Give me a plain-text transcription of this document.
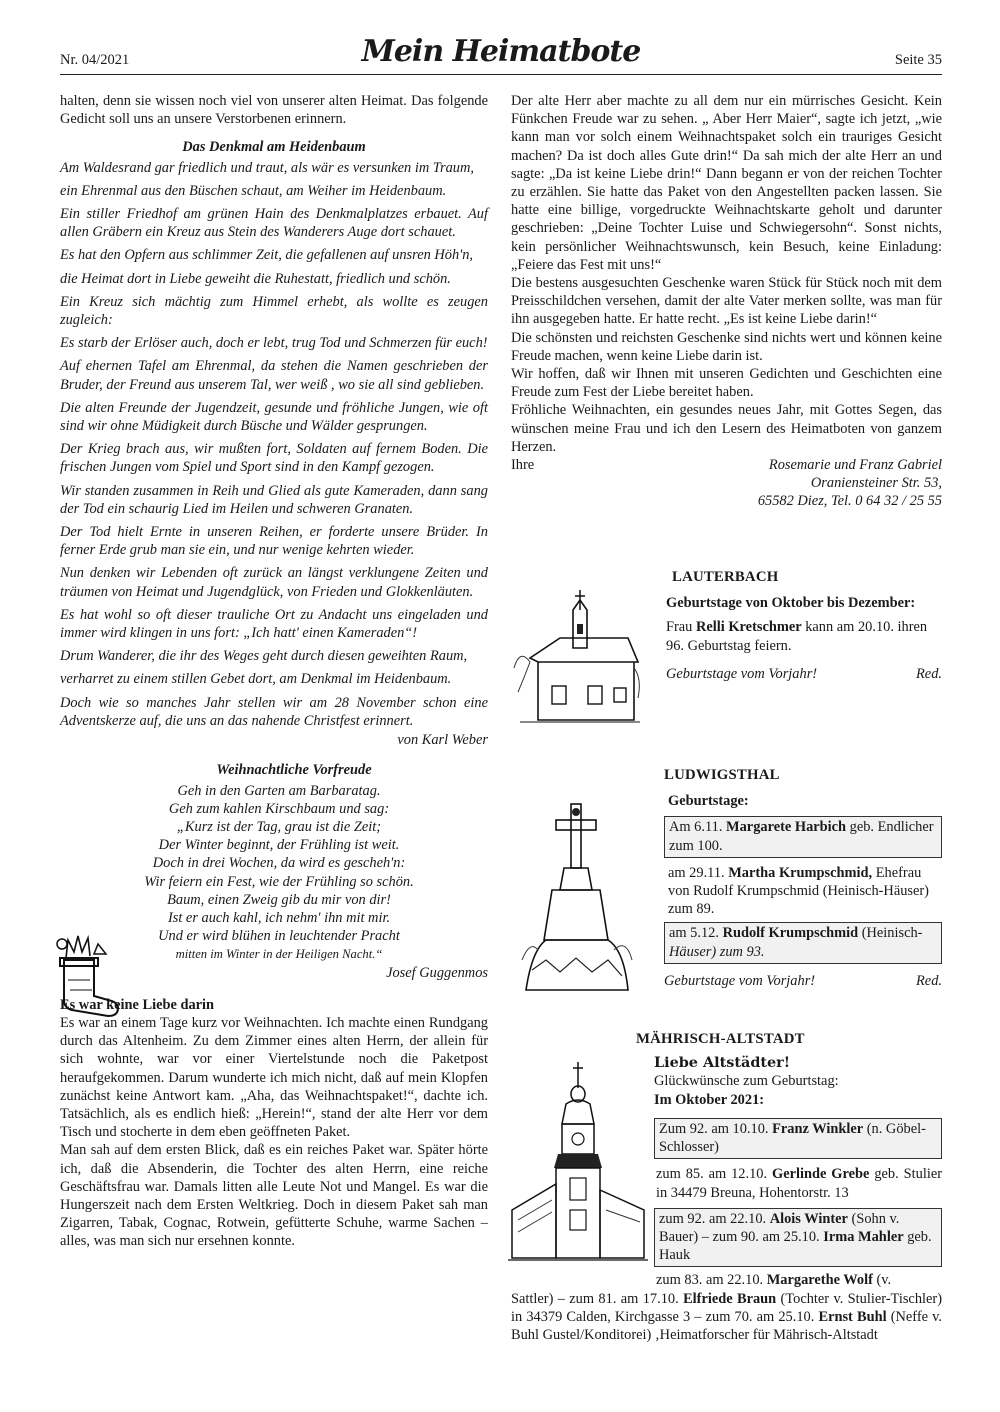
Nr. 04/2021	Mein Heimatbote	Seite 35

halten, denn sie wissen noch viel von unserer alten Heimat. Das folgende Gedicht soll uns an unsere Verstorbenen erinnern.

Das Denkmal am Heidenbaum

Am Waldesrand gar friedlich und traut, als wär es versunken im Traum,

ein Ehrenmal aus den Büschen schaut, am Weiher im Heidenbaum.

Ein stiller Friedhof am grünen Hain des Denkmalplatzes erbauet. Auf allen Gräbern ein Kreuz aus Stein des Wanderers Auge dort schauet.

Es hat den Opfern aus schlimmer Zeit, die gefallenen auf unsren Höh'n,

die Heimat dort in Liebe geweiht die Ruhestatt, friedlich und schön.

Ein Kreuz sich mächtig zum Himmel erhebt, als wollte es zeugen zugleich:

Es starb der Erlöser auch, doch er lebt, trug Tod und Schmerzen für euch!

Auf ehernen Tafel am Ehrenmal, da stehen die Namen geschrieben der Bruder, der Freund aus unserem Tal, wer weiß , wo sie all sind geblieben.

Die alten Freunde der Jugendzeit, gesunde und fröhliche Jungen, wie oft sind wir ohne Müdigkeit durch Büsche und Wälder gesprungen.

Der Krieg brach aus, wir mußten fort, Soldaten auf fernem Boden. Die frischen Jungen vom Spiel und Sport sind in den Kampf gezogen.

Wir standen zusammen in Reih und Glied als gute Kameraden, dann sang der Tod ein schaurig Lied im Heilen und schweren Granaten.

Der Tod hielt Ernte in unseren Reihen, er forderte unsere Brüder. In ferner Erde grub man sie ein, und nur wenige kehrten wieder.

Nun denken wir Lebenden oft zurück an längst verklungene Zeiten und träumen von Heimat und Jugendglück, von Frieden und Glokkenläuten.

Es hat wohl so oft dieser trauliche Ort zu Andacht uns eingeladen und immer wird klingen in uns fort: „Ich hatt' einen Kameraden“!

Drum Wanderer, die ihr des Weges geht durch diesen geweihten Raum,

verharret zu einem stillen Gebet dort, am Denkmal im Heidenbaum.

Doch wie so manches Jahr stellen wir am 28 November schon eine Adventskerze auf, die uns an das nahende Christfest erinnert.

von Karl Weber
Weihnachtliche Vorfreude
Geh in den Garten am Barbaratag.
Geh zum kahlen Kirschbaum und sag:
„Kurz ist der Tag, grau ist die Zeit;
Der Winter beginnt, der Frühling ist weit.
Doch in drei Wochen, da wird es gescheh'n:
Wir feiern ein Fest, wie der Frühling so schön.
Baum, einen Zweig gib du mir von dir!
Ist er auch kahl, ich nehm' ihn mit mir.
Und er wird blühen in leuchtender Pracht
mitten im Winter in der Heiligen Nacht.“
Josef Guggenmos
Es war keine Liebe darin

Es war an einem Tage kurz vor Weihnachten. Ich machte einen Rundgang durch das Altenheim. Zu dem Zimmer eines alten Herrn, der allein für sich wohnte, war vor einer Viertelstunde noch die Paketpost heraufgekommen. Darum wunderte ich mich nicht, daß auf mein Klopfen zunächst keine Antwort kam. „Aha, das Weihnachtspaket!“, dachte ich. Tatsächlich, als es endlich hieß: „Herein!“, stand der alte Herr vor dem Tisch und stocherte in dem eben geöffneten Paket.

Man sah auf dem ersten Blick, daß es ein reiches Paket war. Später hörte ich, daß die Absenderin, die Tochter des alten Herrn, eine reiche Geschäftsfrau war. Damals litten alle Leute Not und Mangel. Es war die Hungerszeit nach dem Ersten Weltkrieg. Doch in diesem Paket sah man Zigarren, Tabak, Cognac, Rotwein, gefütterte Schuhe, warme Sachen – alles, was man sich nur ersehnen konnte.

Der alte Herr aber machte zu all dem nur ein mürrisches Gesicht. Kein Fünkchen Freude war zu sehen. „ Aber Herr Maier“, sagte ich jetzt, „wie kann man vor solch einem Weihnachtspaket solch ein trauriges Gesicht machen? Da ist doch alles Gute drin!“ Da sah mich der alte Herr an und sagte: „Da ist keine Liebe drin!“ Dann begann er von der reichen Tochter zu erzählen. Sie hatte das Paket von den Angestellten packen lassen. Sie hatte eine billige, vorgedruckte Weihnachtskarte geholt und darunter geschrieben: „Deine Tochter Luise und Schwiegersohn“. Sonst nichts, kein persönlicher Weihnachtswunsch, kein Besuch, keine Einladung: „Feiere das Fest mit uns!“

Die bestens ausgesuchten Geschenke waren Stück für Stück noch mit dem Preisschildchen versehen, damit der alte Vater merken sollte, was man für ihn ausgegeben hatte. Er hatte recht. „Es ist keine Liebe darin!“

Die schönsten und reichsten Geschenke sind nichts wert und können keine Freude machen, wenn keine Liebe darin ist.

Wir hoffen, daß wir Ihnen mit unseren Gedichten und Geschichten eine Freude zum Fest der Liebe bereitet haben.

Fröhliche Weihnachten, ein gesundes neues Jahr, mit Gottes Segen, das wünschen meine Frau und ich den Lesern des Heimatboten von ganzem Herzen.

Ihre	Rosemarie und Franz Gabriel
Oraniensteiner Str. 53,
65582 Diez, Tel. 0 64 32 / 25 55
LAUTERBACH
Geburtstage von Oktober bis Dezember:

Frau Relli Kretschmer kann am 20.10. ihren 96. Geburtstag feiern.

Geburtstage vom Vorjahr!	Red.
LUDWIGSTHAL
Geburtstage:
Am 6.11. Margarete Harbich geb. Endlicher zum 100.

am 29.11. Martha Krumpschmid, Ehefrau von Rudolf Krumpschmid (Heinisch-Häuser) zum 89.

am 5.12. Rudolf Krumpschmid (Heinisch-
Häuser) zum 93.
Geburtstage vom Vorjahr!	Red.
MÄHRISCH-ALTSTADT
Liebe Altstädter!
Glückwünsche zum Geburtstag:
Im Oktober 2021:
Zum 92. am 10.10. Franz Winkler (n. Göbel-Schlosser)

zum 85. am 12.10. Gerlinde Grebe geb. Stulier in 34479 Breuna, Hohentorstr. 13

zum 92. am 22.10. Alois Winter (Sohn v. Bauer) – zum 90. am 25.10. Irma Mahler geb. Hauk

zum 83. am 22.10. Margarethe Wolf (v.

Sattler) – zum 81. am 17.10. Elfriede Braun (Tochter v. Stulier-Tischler) in 34379 Calden, Kirchgasse 3 – zum 70. am 25.10. Ernst Buhl (Neffe v. Buhl Gustel/Konditorei) ‚Heimatforscher für Mährisch-Altstadt
